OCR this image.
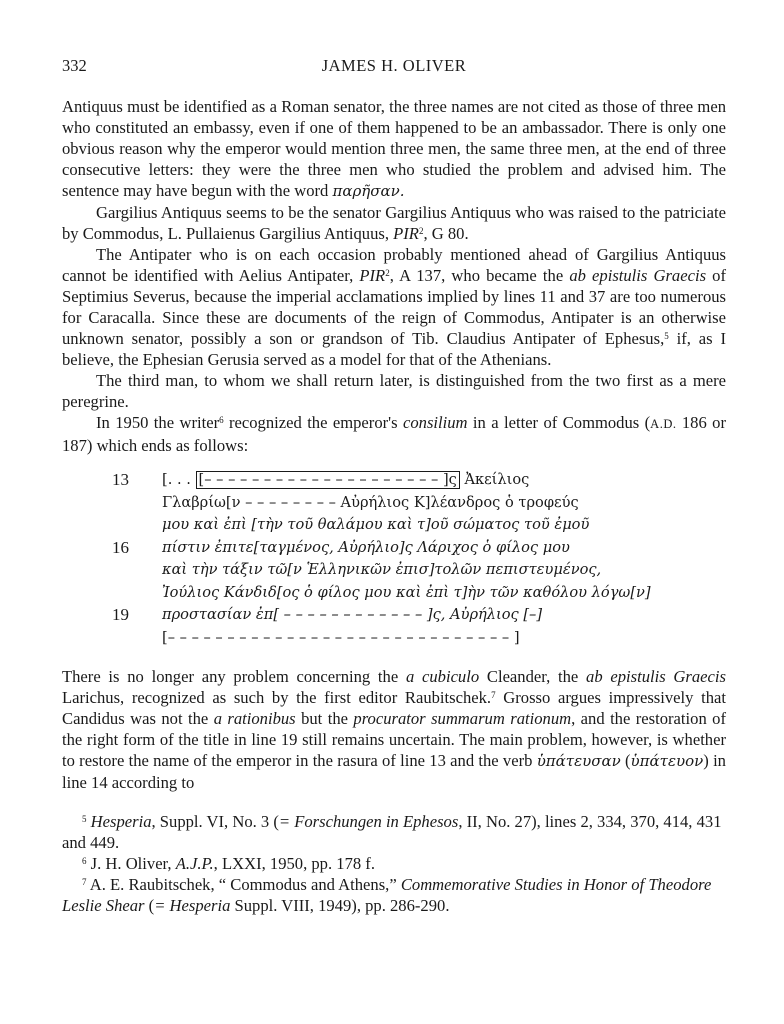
332	JAMES H. OLIVER

Antiquus must be identified as a Roman senator, the three names are not cited as those of three men who constituted an embassy, even if one of them happened to be an ambassador. There is only one obvious reason why the emperor would mention three men, the same three men, at the end of three consecutive letters: they were the three men who studied the problem and advised him. The sentence may have begun with the word παρῆσαν.

Gargilius Antiquus seems to be the senator Gargilius Antiquus who was raised to the patriciate by Commodus, L. Pullaienus Gargilius Antiquus, PIR$^2$, G 80.

The Antipater who is on each occasion probably mentioned ahead of Gargilius Antiquus cannot be identified with Aelius Antipater, PIR$^2$, A 137, who became the ab epistulis Graecis of Septimius Severus, because the imperial acclamations implied by lines 11 and 37 are too numerous for Caracalla. Since these are documents of the reign of Commodus, Antipater is an otherwise unknown senator, possibly a son or grandson of Tib. Claudius Antipater of Ephesus,$^5$ if, as I believe, the Ephesian Gerusia served as a model for that of the Athenians.

The third man, to whom we shall return later, is distinguished from the two first as a mere peregrine.

In 1950 the writer$^6$ recognized the emperor's consilium in a letter of Commodus (A.D. 186 or 187) which ends as follows:

13 [. . . [– – – – – – – – – – – – – – – – – – – – ]ς Ἀκείλιος
Γλαβρίω[ν – – – – – – – – Αὐρήλιος Κ]λέανδρος ὁ τροφεύς
μου καὶ ἐπὶ [τὴν τοῦ θαλάμου καὶ τ]οῦ σώματος τοῦ ἐμοῦ
16 πίστιν ἐπιτε[ταγμένος, Αὐρήλιο]ς Λάριχος ὁ φίλος μου
καὶ τὴν τάξιν τῶ[ν Ἑλληνικῶν ἐπισ]τολῶν πεπιστευμένος,
Ἰούλιος Κάνδιδ[ος ὁ φίλος μου καὶ ἐπὶ τ]ὴν τῶν καθόλου λόγω[ν]
19 προστασίαν ἐπ[ – – – – – – – – – – – – ]ς, Αὐρήλιος [–]
[– – – – – – – – – – – – – – – – – – – – – – – – – – – – – ]

There is no longer any problem concerning the a cubiculo Cleander, the ab epistulis Graecis Larichus, recognized as such by the first editor Raubitschek.$^7$ Grosso argues impressively that Candidus was not the a rationibus but the procurator summarum rationum, and the restoration of the right form of the title in line 19 still remains uncertain. The main problem, however, is whether to restore the name of the emperor in the rasura of line 13 and the verb ὑπάτευσαν (ὑπάτευον) in line 14 according to

$^5$ Hesperia, Suppl. VI, No. 3 (= Forschungen in Ephesos, II, No. 27), lines 2, 334, 370, 414, 431 and 449.

$^6$ J. H. Oliver, A.J.P., LXXI, 1950, pp. 178 f.

$^7$ A. E. Raubitschek, “ Commodus and Athens,” Commemorative Studies in Honor of Theodore Leslie Shear (= Hesperia Suppl. VIII, 1949), pp. 286-290.
